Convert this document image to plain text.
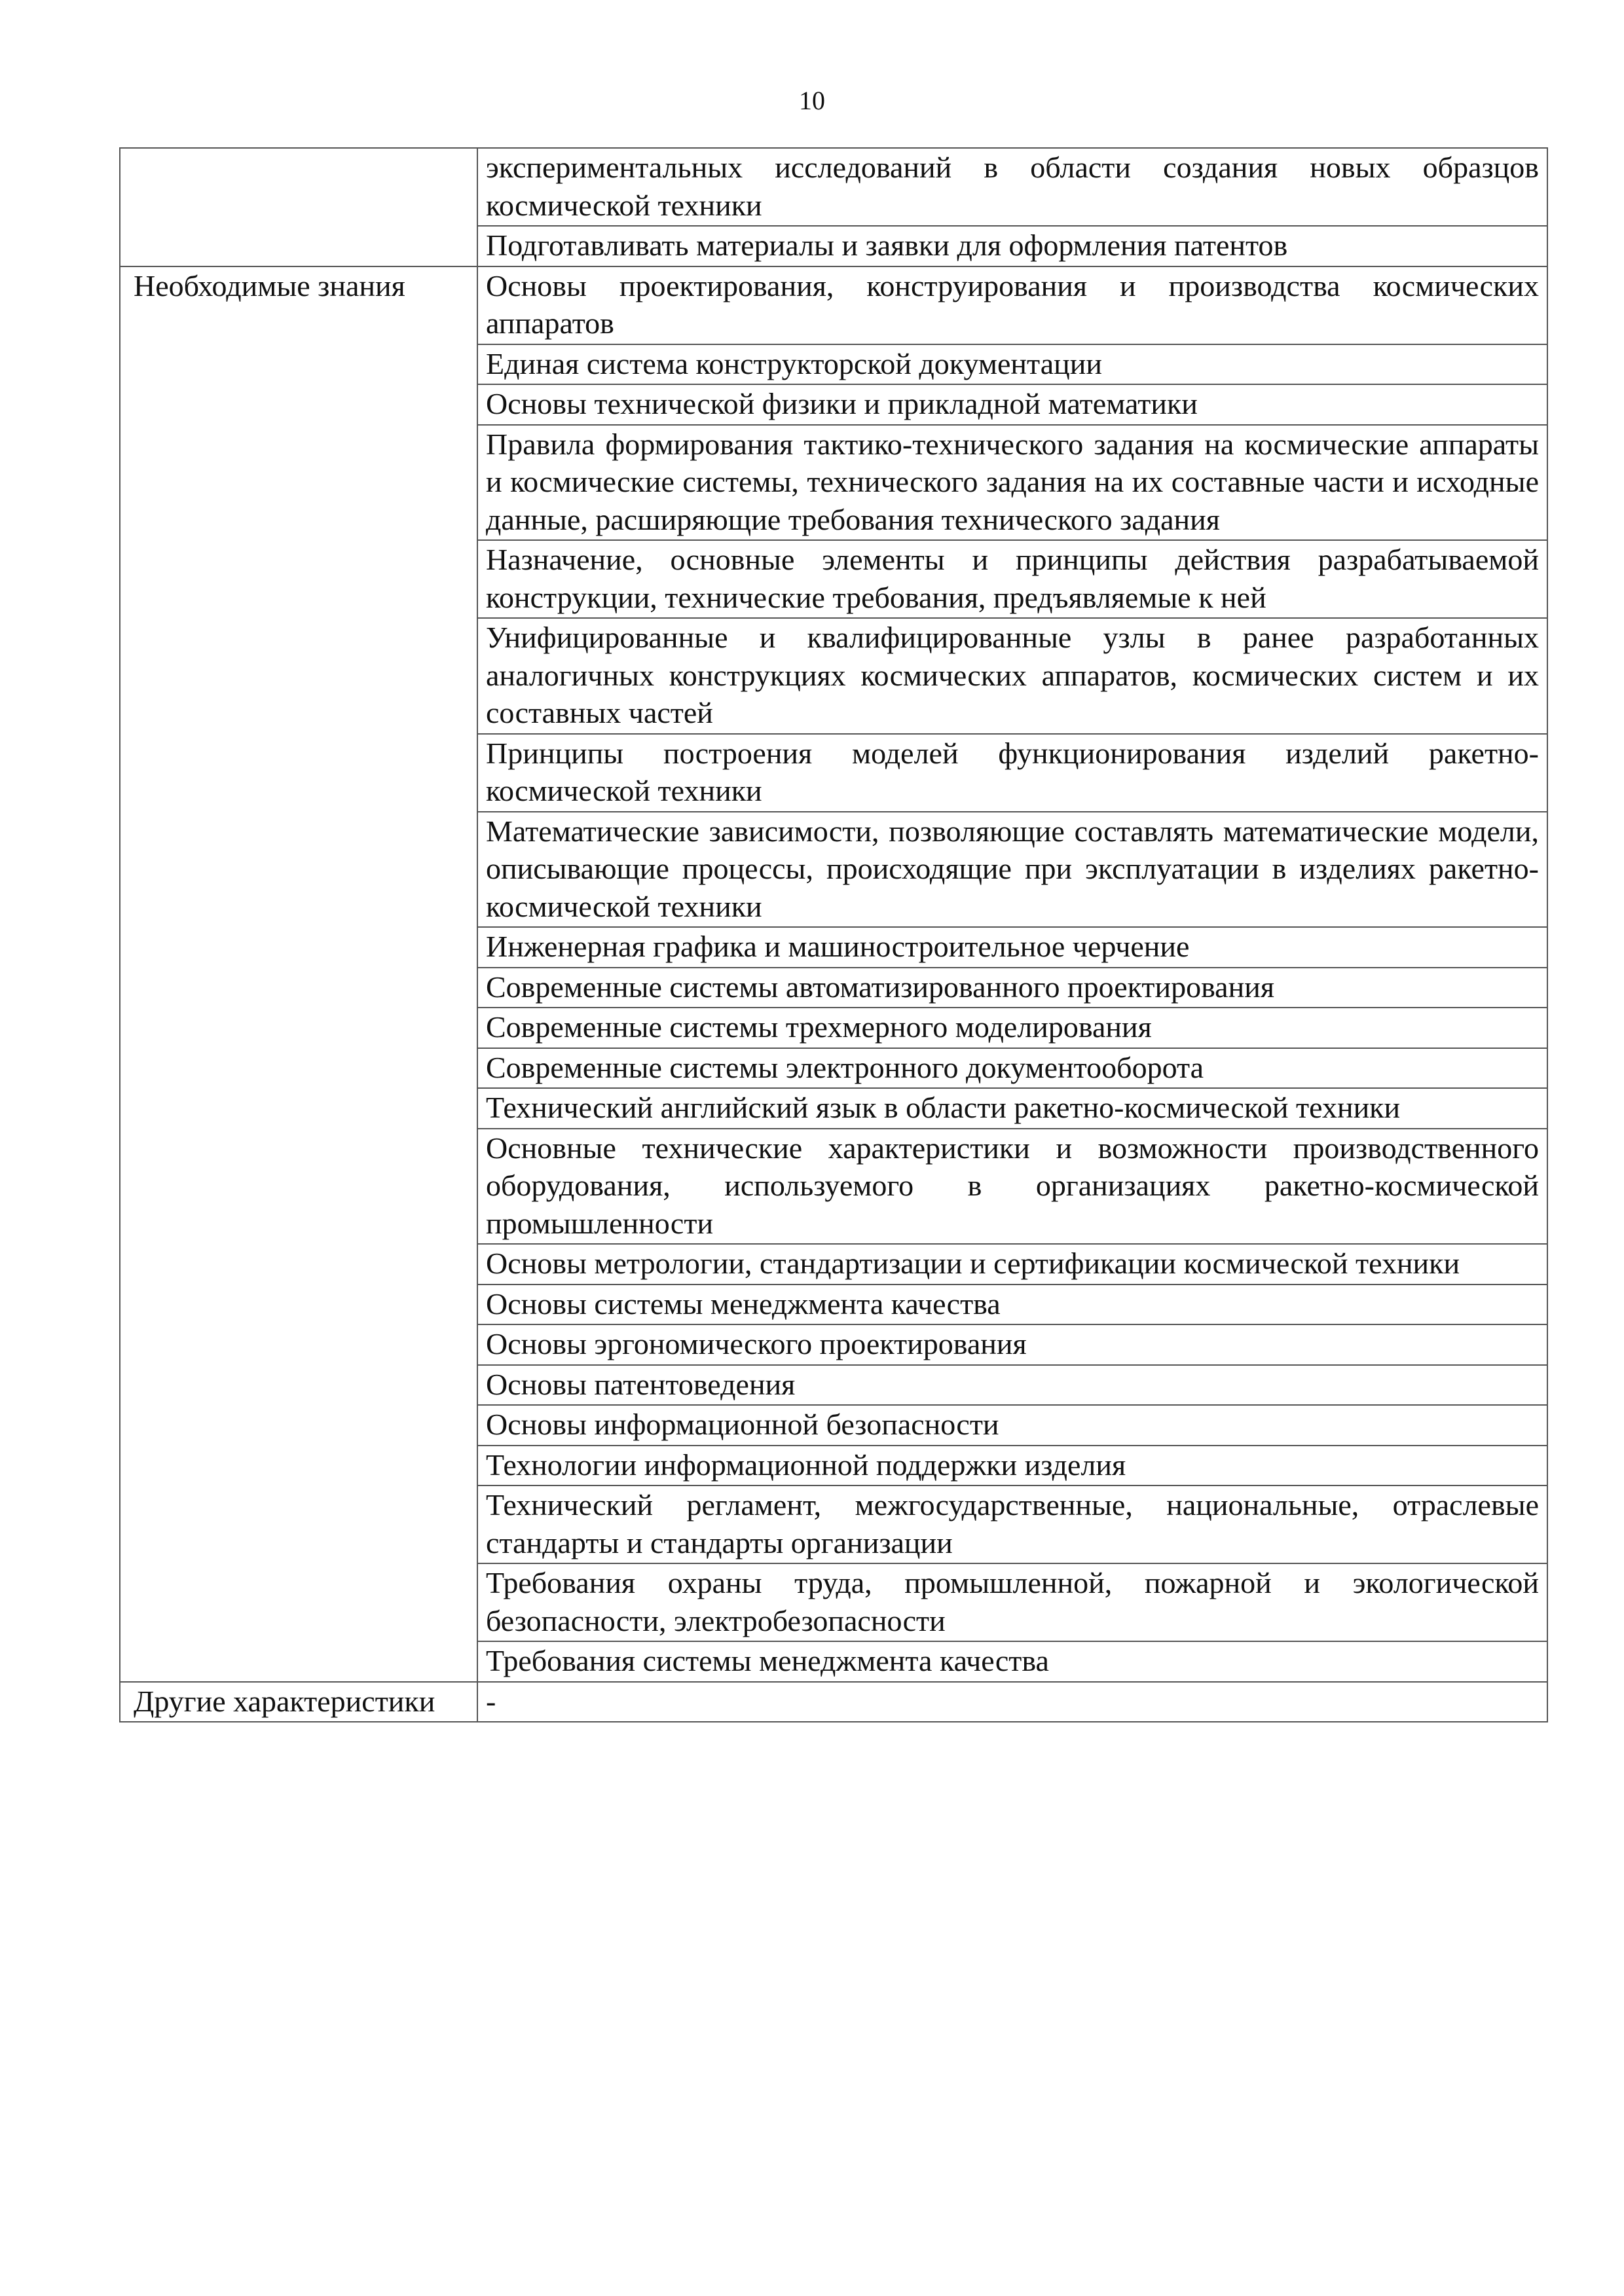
10
	экспериментальных исследований в области создания новых образцов космической техники
	Подготавливать материалы и заявки для оформления патентов
Необходимые знания	Основы проектирования, конструирования и производства космических аппаратов
	Единая система конструкторской документации
	Основы технической физики и прикладной математики
	Правила формирования тактико-технического задания на космические аппараты и космические системы, технического задания на их составные части и исходные данные, расширяющие требования технического задания
	Назначение, основные элементы и принципы действия разрабатываемой конструкции, технические требования, предъявляемые к ней
	Унифицированные и квалифицированные узлы в ранее разработанных аналогичных конструкциях космических аппаратов, космических систем и их составных частей
	Принципы построения моделей функционирования изделий ракетно-космической техники
	Математические зависимости, позволяющие составлять математические модели, описывающие процессы, происходящие при эксплуатации в изделиях ракетно-космической техники
	Инженерная графика и машиностроительное черчение
	Современные системы автоматизированного проектирования
	Современные системы трехмерного моделирования
	Современные системы электронного документооборота
	Технический английский язык в области ракетно-космической техники
	Основные технические характеристики и возможности производственного оборудования, используемого в организациях ракетно-космической промышленности
	Основы метрологии, стандартизации и сертификации космической техники
	Основы системы менеджмента качества
	Основы эргономического проектирования
	Основы патентоведения
	Основы информационной безопасности
	Технологии информационной поддержки изделия
	Технический регламент, межгосударственные, национальные, отраслевые стандарты и стандарты организации
	Требования охраны труда, промышленной, пожарной и экологической безопасности, электробезопасности
	Требования системы менеджмента качества
Другие характеристики	-
